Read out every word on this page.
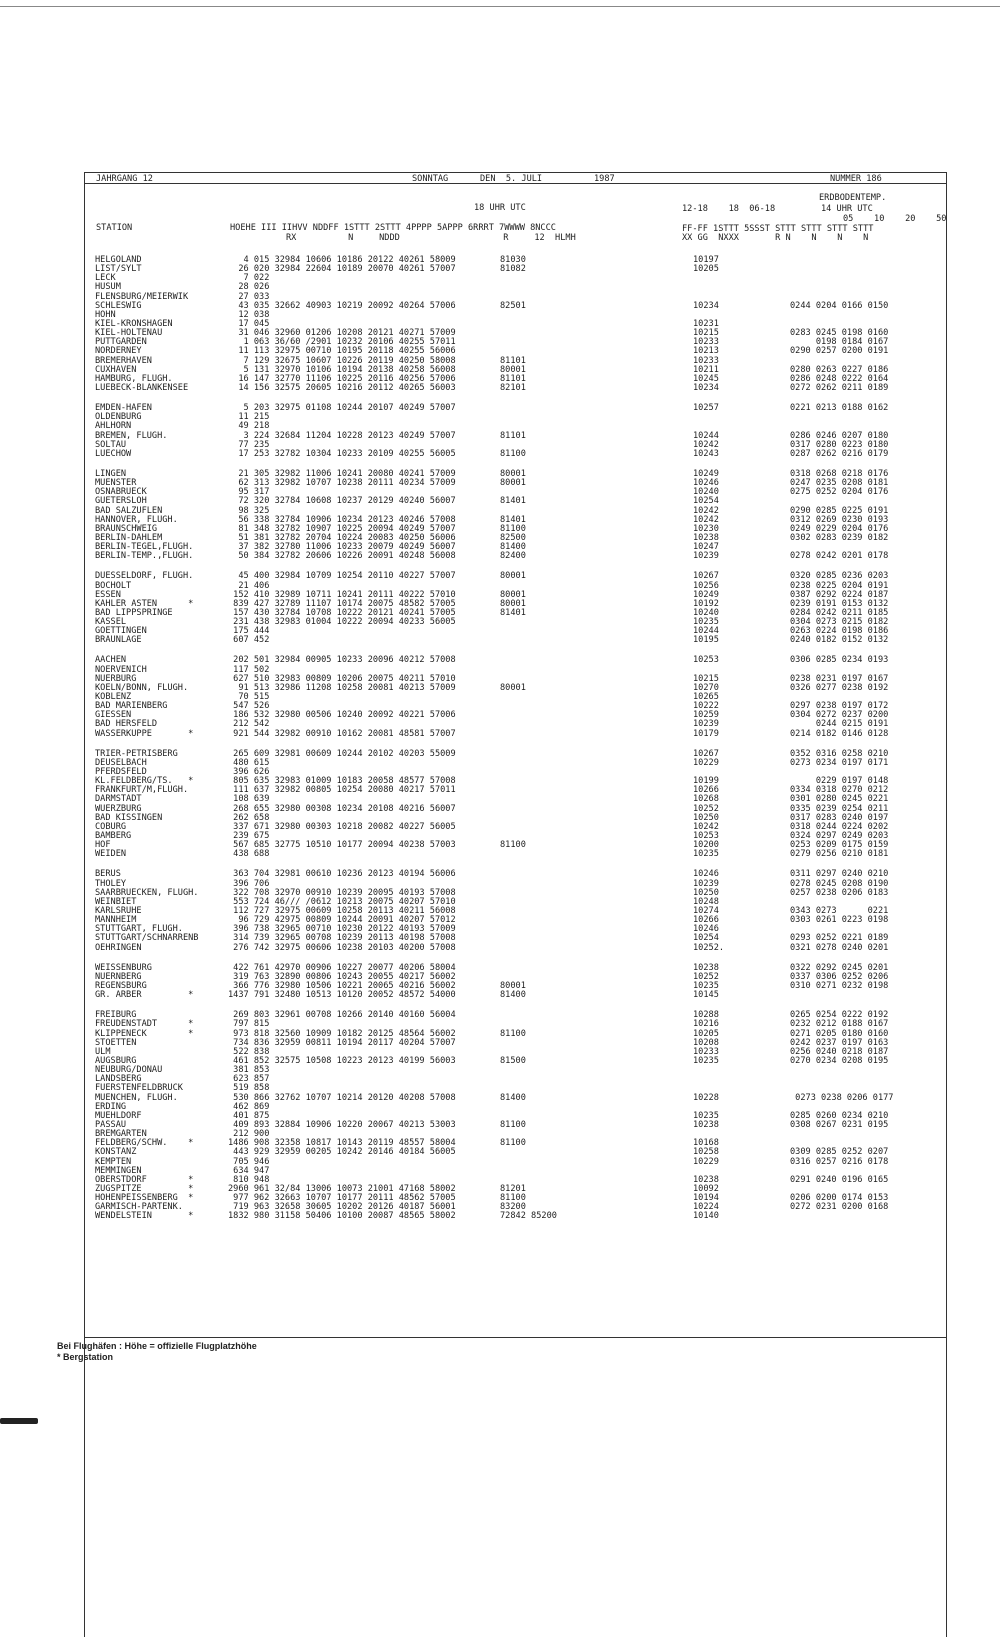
JAHRGANG 12	SONNTAG	DEN  5. JULI	1987	NUMMER 186
ERDBODENTEMP.
18 UHR UTC	12-18    18  06-18	14 UHR UTC
05    10    20    50
STATION	HOEHE III IIHVV NDDFF 1STTT 2STTT 4PPPP 5APPP 6RRRT 7WWWW 8NCCC	FF-FF 1STTT 5SSST STTT STTT STTT STTT
RX          N     NDDD                    R     12  HLMH	XX GG  NXXX       R N    N    N    N
HELGOLAND	4 015 32984 10606 10186 20122 40261 58009	81030	10197
LIST/SYLT	26 020 32984 22604 10189 20070 40261 57007	81082	10205
LECK	7 022
HUSUM	28 026
FLENSBURG/MEIERWIK	27 033
SCHLESWIG	43 035 32662 40903 10219 20092 40264 57006	82501	10234	0244 0204 0166 0150
HOHN	12 038
KIEL-KRONSHAGEN	17 045	10231
KIEL-HOLTENAU	31 046 32960 01206 10208 20121 40271 57009	10215	0283 0245 0198 0160
PUTTGARDEN	1 063 36/60 /2901 10232 20106 40255 57011	10233	0198 0184 0167
NORDERNEY	11 113 32975 00710 10195 20118 40255 56006	10213	0290 0257 0200 0191
BREMERHAVEN	7 129 32675 10607 10226 20119 40250 58008	81101	10233
CUXHAVEN	5 131 32970 10106 10194 20138 40258 56008	80001	10211	0280 0263 0227 0186
HAMBURG, FLUGH.	16 147 32770 11106 10225 20116 40256 57006	81101	10245	0286 0248 0222 0164
LUEBECK-BLANKENSEE	14 156 32575 20605 10216 20112 40265 56003	82101	10234	0272 0262 0211 0189
EMDEN-HAFEN	5 203 32975 01108 10244 20107 40249 57007	10257	0221 0213 0188 0162
OLDENBURG	11 215
AHLHORN	49 218
BREMEN, FLUGH.	3 224 32684 11204 10228 20123 40249 57007	81101	10244	0286 0246 0207 0180
SOLTAU	77 235	10242	0317 0280 0223 0180
LUECHOW	17 253 32782 10304 10233 20109 40255 56005	81100	10243	0287 0262 0216 0179
LINGEN	21 305 32982 11006 10241 20080 40241 57009	80001	10249	0318 0268 0218 0176
MUENSTER	62 313 32982 10707 10238 20111 40234 57009	80001	10246	0247 0235 0208 0181
OSNABRUECK	95 317	10240	0275 0252 0204 0176
GUETERSLOH	72 320 32784 10608 10237 20129 40240 56007	81401	10254
BAD SALZUFLEN	98 325	10242	0290 0285 0225 0191
HANNOVER, FLUGH.	56 338 32784 10906 10234 20123 40246 57008	81401	10242	0312 0269 0230 0193
BRAUNSCHWEIG	81 348 32782 10907 10225 20094 40249 57007	81100	10230	0249 0229 0204 0176
BERLIN-DAHLEM	51 381 32782 20704 10224 20083 40250 56006	82500	10238	0302 0283 0239 0182
BERLIN-TEGEL,FLUGH.	37 382 32780 11006 10233 20079 40249 56007	81400	10247
BERLIN-TEMP.,FLUGH.	50 384 32782 20606 10226 20091 40248 56008	82400	10239	0278 0242 0201 0178
DUESSELDORF, FLUGH.	45 400 32984 10709 10254 20110 40227 57007	80001	10267	0320 0285 0236 0203
BOCHOLT	21 406	10256	0238 0225 0204 0191
ESSEN	152 410 32989 10711 10241 20111 40222 57010	80001	10249	0387 0292 0224 0187
KAHLER ASTEN      *	839 427 32789 11107 10174 20075 48582 57005	80001	10192	0239 0191 0153 0132
BAD LIPPSPRINGE	157 430 32784 10708 10222 20121 40241 57005	81401	10240	0284 0242 0211 0185
KASSEL	231 438 32983 01004 10222 20094 40233 56005	10235	0304 0273 0215 0182
GOETTINGEN	175 444	10244	0263 0224 0198 0186
BRAUNLAGE	607 452	10195	0240 0182 0152 0132
AACHEN	202 501 32984 00905 10233 20096 40212 57008	10253	0306 0285 0234 0193
NOERVENICH	117 502
NUERBURG	627 510 32983 00809 10206 20075 40211 57010	10215	0238 0231 0197 0167
KOELN/BONN, FLUGH.	91 513 32986 11208 10258 20081 40213 57009	80001	10270	0326 0277 0238 0192
KOBLENZ	70 515	10265
BAD MARIENBERG	547 526	10222	0297 0238 0197 0172
GIESSEN	186 532 32980 00506 10240 20092 40221 57006	10259	0304 0272 0237 0200
BAD HERSFELD	212 542	10239	0244 0215 0191
WASSERKUPPE       *	921 544 32982 00910 10162 20081 48581 57007	10179	0214 0182 0146 0128
TRIER-PETRISBERG	265 609 32981 00609 10244 20102 40203 55009	10267	0352 0316 0258 0210
DEUSELBACH	480 615	10229	0273 0234 0197 0171
PFERDSFELD	396 626
KL.FELDBERG/TS.   *	805 635 32983 01009 10183 20058 48577 57008	10199	0229 0197 0148
FRANKFURT/M,FLUGH.	111 637 32982 00805 10254 20080 40217 57011	10266	0334 0318 0270 0212
DARMSTADT	108 639	10268	0301 0280 0245 0221
WUERZBURG	268 655 32980 00308 10234 20108 40216 56007	10252	0335 0239 0254 0211
BAD KISSINGEN	262 658	10250	0317 0283 0240 0197
COBURG	337 671 32980 00303 10218 20082 40227 56005	10242	0318 0244 0224 0202
BAMBERG	239 675	10253	0324 0297 0249 0203
HOF	567 685 32775 10510 10177 20094 40238 57003	81100	10200	0253 0209 0175 0159
WEIDEN	438 688	10235	0279 0256 0210 0181
BERUS	363 704 32981 00610 10236 20123 40194 56006	10246	0311 0297 0240 0210
THOLEY	396 706	10239	0278 0245 0208 0190
SAARBRUECKEN, FLUGH.	322 708 32970 00910 10239 20095 40193 57008	10250	0257 0238 0206 0183
WEINBIET	553 724 46/// /0612 10213 20075 40207 57010	10248
KARLSRUHE	112 727 32975 00609 10258 20113 40211 56008	10274	0343 0273      0221
MANNHEIM	96 729 42975 00809 10244 20091 40207 57012	10266	0303 0261 0223 0198
STUTTGART, FLUGH.	396 738 32965 00710 10230 20122 40193 57009	10246
STUTTGART/SCHNARRENB	314 739 32965 00708 10239 20113 40198 57008	10254	0293 0252 0221 0189
OEHRINGEN	276 742 32975 00606 10238 20103 40200 57008	10252.	0321 0278 0240 0201
WEISSENBURG	422 761 42970 00906 10227 20077 40206 58004	10238	0322 0292 0245 0201
NUERNBERG	319 763 32890 00806 10243 20055 40217 56002	10252	0337 0306 0252 0206
REGENSBURG	366 776 32980 10506 10221 20065 40216 56002	80001	10235	0310 0271 0232 0198
GR. ARBER         *	1437 791 32480 10513 10120 20052 48572 54000	81400	10145
FREIBURG	269 803 32961 00708 10266 20140 40160 56004	10288	0265 0254 0222 0192
FREUDENSTADT      *	797 815	10216	0232 0212 0188 0167
KLIPPENECK        *	973 818 32560 10909 10182 20125 48564 56002	81100	10205	0271 0205 0180 0160
STOETTEN	734 836 32959 00811 10194 20117 40204 57007	10208	0242 0237 0197 0163
ULM	522 838	10233	0256 0240 0218 0187
AUGSBURG	461 852 32575 10508 10223 20123 40199 56003	81500	10235	0270 0234 0208 0195
NEUBURG/DONAU	381 853
LANDSBERG	623 857
FUERSTENFELDBRUCK	519 858
MUENCHEN, FLUGH.	530 866 32762 10707 10214 20120 40208 57008	81400	10228	0273 0238 0206 0177
ERDING	462 869
MUEHLDORF	401 875	10235	0285 0260 0234 0210
PASSAU	409 893 32884 10906 10220 20067 40213 53003	81100	10238	0308 0267 0231 0195
BREMGARTEN	212 900
FELDBERG/SCHW.    *	1486 908 32358 10817 10143 20119 48557 58004	81100	10168
KONSTANZ	443 929 32959 00205 10242 20146 40184 56005	10258	0309 0285 0252 0207
KEMPTEN	705 946	10229	0316 0257 0216 0178
MEMMINGEN	634 947
OBERSTDORF        *	810 948	10238	0291 0240 0196 0165
ZUGSPITZE         *	2960 961 32/84 13006 10073 21001 47168 58002	81201	10092
HOHENPEISSENBERG  *	977 962 32663 10707 10177 20111 48562 57005	81100	10194	0206 0200 0174 0153
GARMISCH-PARTENK.	719 963 32658 30605 10202 20126 40187 56001	83200	10224	0272 0231 0200 0168
WENDELSTEIN       *	1832 980 31158 50406 10100 20087 48565 58002	72842 85200	10140
Bei Flughäfen : Höhe = offizielle Flugplatzhöhe
* Bergstation
